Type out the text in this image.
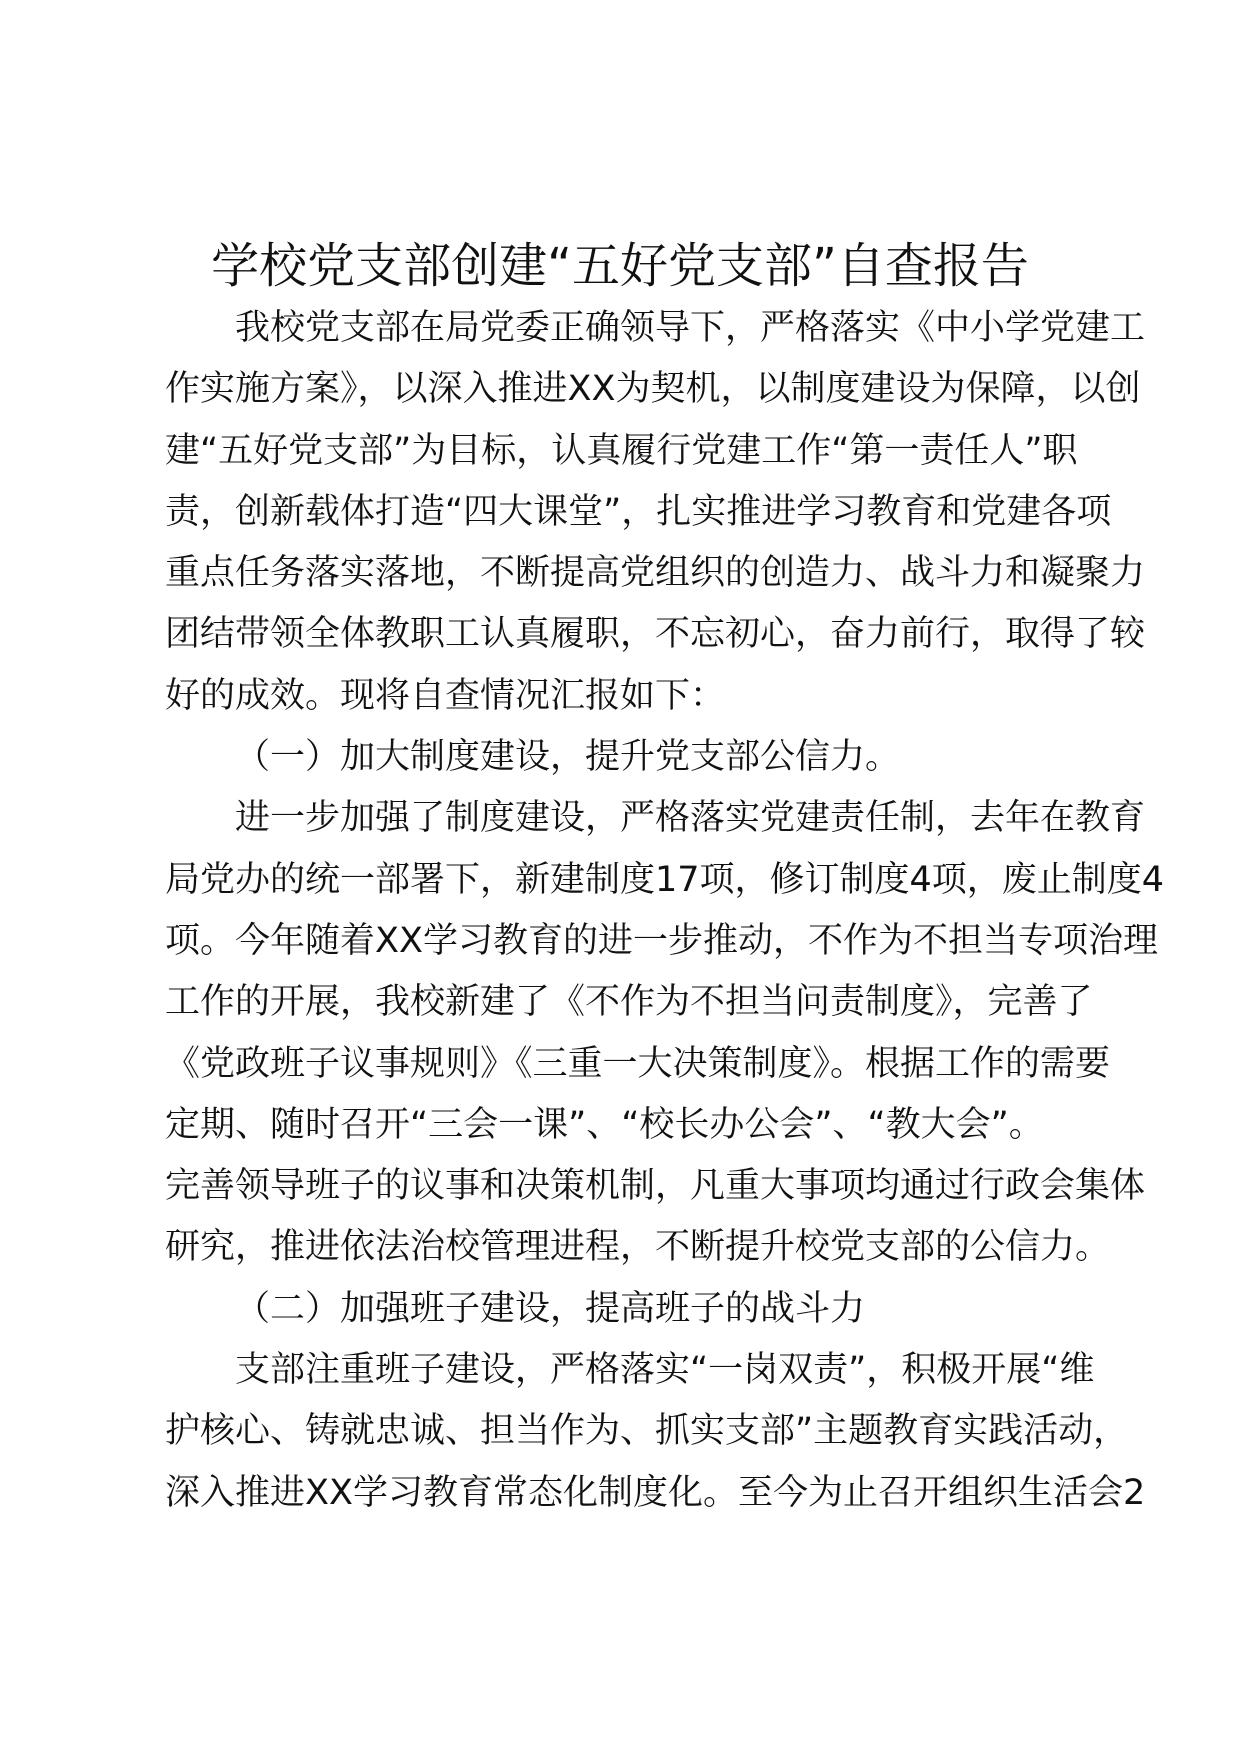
学校党支部创建“五好党支部”自查报告
我校党支部在局党委正确领导下，严格落实《中小学党建工
作实施方案》，以深入推进XX为契机，以制度建设为保障，以创
建“五好党支部”为目标，认真履行党建工作“第一责任人”职
责，创新载体打造“四大课堂”，扎实推进学习教育和党建各项
重点任务落实落地，不断提高党组织的创造力、战斗力和凝聚力
团结带领全体教职工认真履职，不忘初心，奋力前行，取得了较
好的成效。现将自查情况汇报如下：
（一）加大制度建设，提升党支部公信力。
进一步加强了制度建设，严格落实党建责任制，去年在教育
局党办的统一部署下，新建制度17项，修订制度4项，废止制度4
项。今年随着XX学习教育的进一步推动，不作为不担当专项治理
工作的开展，我校新建了《不作为不担当问责制度》，完善了
《党政班子议事规则》《三重一大决策制度》。根据工作的需要
定期、随时召开“三会一课”、“校长办公会”、“教大会”。
完善领导班子的议事和决策机制，凡重大事项均通过行政会集体
研究，推进依法治校管理进程，不断提升校党支部的公信力。
（二）加强班子建设，提高班子的战斗力
支部注重班子建设，严格落实“一岗双责”，积极开展“维
护核心、铸就忠诚、担当作为、抓实支部”主题教育实践活动，
深入推进XX学习教育常态化制度化。至今为止召开组织生活会2
